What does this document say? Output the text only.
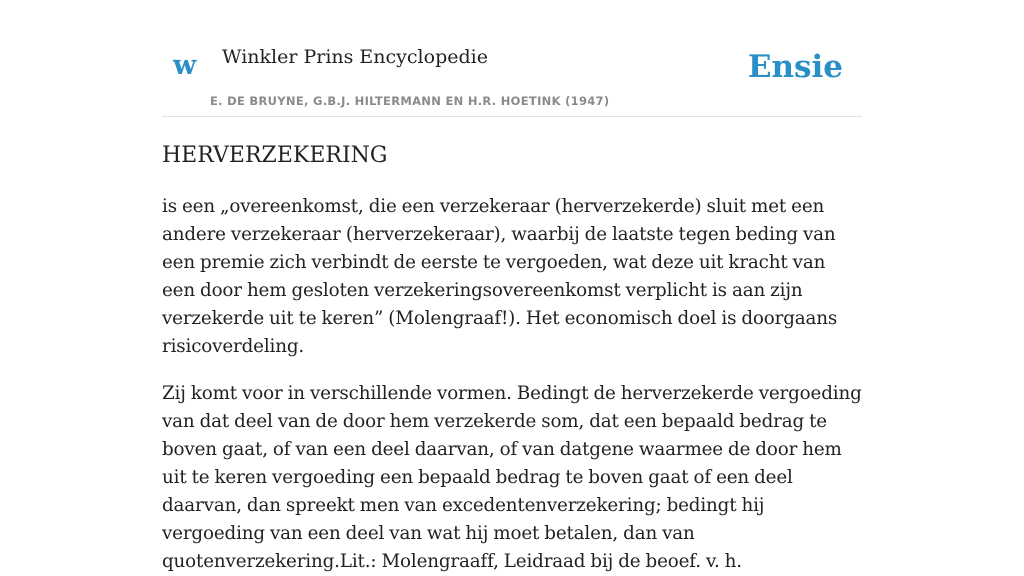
w Winkler Prins Encyclopedie
E. DE BRUYNE, G.B.J. HILTERMANN EN H.R. HOETINK (1947)
Ensie
HERVERZEKERING

is een „overeenkomst, die een verzekeraar (herverzekerde) sluit met een andere verzekeraar (herverzekeraar), waarbij de laatste tegen beding van een premie zich verbindt de eerste te vergoeden, wat deze uit kracht van een door hem gesloten verzekeringsovereenkomst verplicht is aan zijn verzekerde uit te keren” (Molengraaf!). Het economisch doel is doorgaans risicoverdeling.

Zij komt voor in verschillende vormen. Bedingt de herverzekerde vergoeding van dat deel van de door hem verzekerde som, dat een bepaald bedrag te boven gaat, of van een deel daarvan, of van datgene waarmee de door hem uit te keren vergoeding een bepaald bedrag te boven gaat of een deel daarvan, dan spreekt men van excedentenverzekering; bedingt hij vergoeding van een deel van wat hij moet betalen, dan van quotenverzekering.Lit.: Molengraaff, Leidraad bij de beoef. v. h.
